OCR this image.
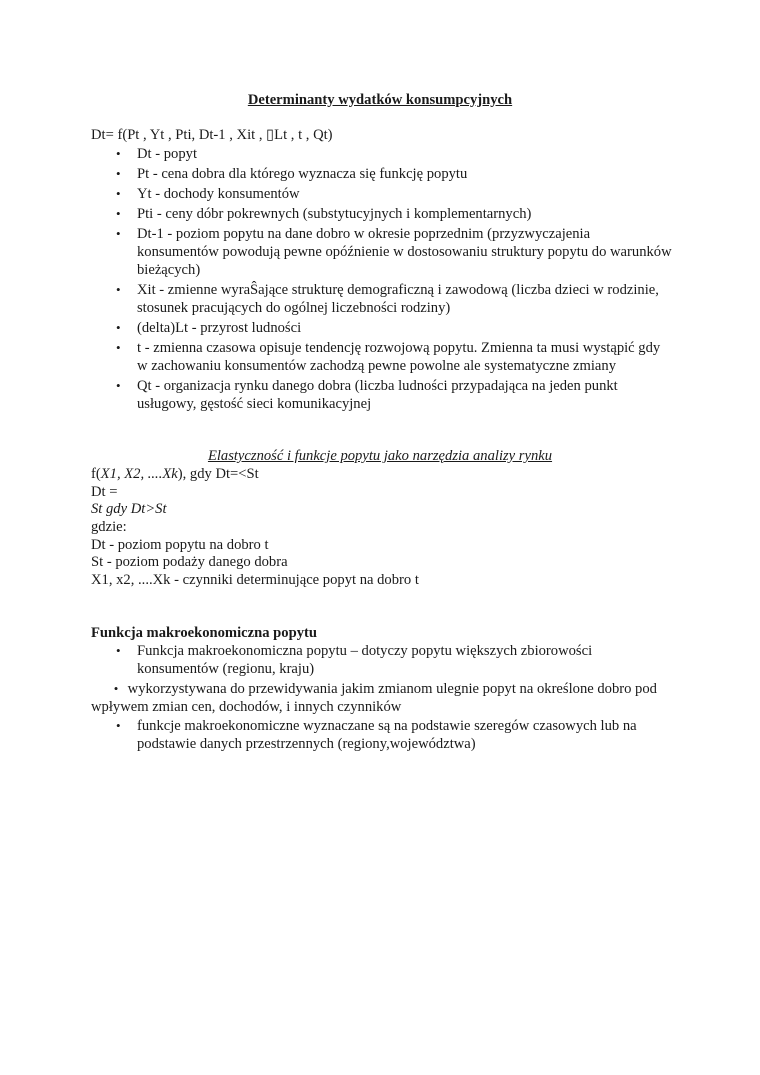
Determinanty wydatków konsumpcyjnych
Dt= f(Pt , Yt , Pti, Dt-1 , Xit , ▯Lt , t , Qt)
• Dt - popyt
• Pt - cena dobra dla którego wyznacza się funkcję popytu
• Yt - dochody konsumentów
• Pti - ceny dóbr pokrewnych (substytucyjnych i komplementarnych)
• Dt-1 - poziom popytu na dane dobro w okresie poprzednim (przyzwyczajenia konsumentów powodują pewne opóźnienie w dostosowaniu struktury popytu do warunków bieżących)
• Xit - zmienne wyraŜające strukturę demograficzną i zawodową (liczba dzieci w rodzinie, stosunek pracujących do ogólnej liczebności rodziny)
• (delta)Lt - przyrost ludności
• t - zmienna czasowa opisuje tendencję rozwojową popytu. Zmienna ta musi wystąpić gdy w zachowaniu konsumentów zachodzą pewne powolne ale systematyczne zmiany
• Qt - organizacja rynku danego dobra (liczba ludności przypadająca na jeden punkt usługowy, gęstość sieci komunikacyjnej
Elastyczność i funkcje popytu jako narzędzia analizy rynku
f(X1, X2, ....Xk), gdy Dt=<St
Dt =
St gdy Dt>St
gdzie:
Dt - poziom popytu na dobro t
St - poziom podaży danego dobra
X1, x2, ....Xk - czynniki determinujące popyt na dobro t
Funkcja makroekonomiczna popytu
• Funkcja makroekonomiczna popytu – dotyczy popytu większych zbiorowości konsumentów (regionu, kraju)
• wykorzystywana do przewidywania jakim zmianom ulegnie popyt na określone dobro pod wpływem zmian cen, dochodów, i innych czynników
• funkcje makroekonomiczne wyznaczane są na podstawie szeregów czasowych lub na podstawie danych przestrzennych (regiony,województwa)
